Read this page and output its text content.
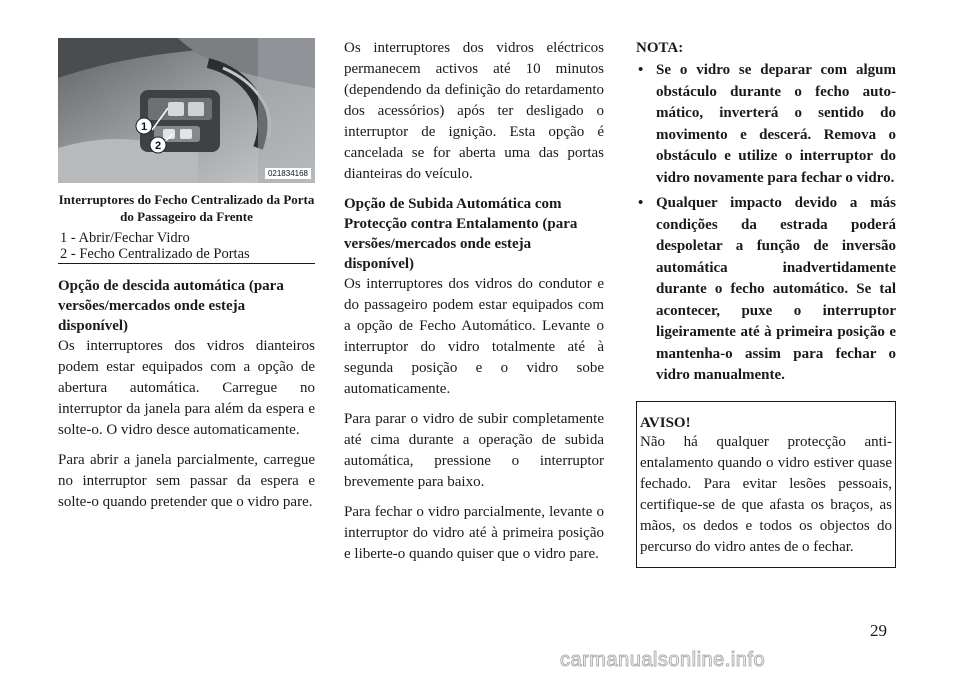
1
2
021834168
Interruptores do Fecho Centralizado da Porta do Passageiro da Frente
1 - Abrir/Fechar Vidro
2 - Fecho Centralizado de Portas
Opção de descida automática (para versões/mercados onde esteja disponível)

Os interruptores dos vidros dianteiros podem estar equipados com a opção de abertura automática. Carregue no interruptor da janela para além da espera e solte-o. O vidro desce automaticamente.

Para abrir a janela parcialmente, carregue no interruptor sem passar da espera e solte-o quando pretender que o vidro pare.

Os interruptores dos vidros eléctricos permanecem activos até 10 minutos (dependendo da definição do retardamento dos acessórios) após ter desligado o interruptor de ignição. Esta opção é cancelada se for aberta uma das portas dianteiras do veículo.

Opção de Subida Automática com Protecção contra Entalamento (para versões/mercados onde esteja disponível)

Os interruptores dos vidros do condutor e do passageiro podem estar equipados com a opção de Fecho Automático. Levante o interruptor do vidro totalmente até à segunda posição e o vidro sobe automaticamente.

Para parar o vidro de subir completamente até cima durante a operação de subida automática, pressione o interruptor brevemente para baixo.

Para fechar o vidro parcialmente, levante o interruptor do vidro até à primeira posição e liberte-o quando quiser que o vidro pare.

NOTA:
• Se o vidro se deparar com algum obstáculo durante o fecho automático, inverterá o sentido do movimento e descerá. Remova o obstáculo e utilize o interruptor do vidro novamente para fechar o vidro.
• Qualquer impacto devido a más condições da estrada poderá despoletar a função de inversão automática inadvertidamente durante o fecho automático. Se tal acontecer, puxe o interruptor ligeiramente até à primeira posição e mantenha-o assim para fechar o vidro manualmente.
AVISO!
Não há qualquer protecção anti-entalamento quando o vidro estiver quase fechado. Para evitar lesões pessoais, certifique-se de que afasta os braços, as mãos, os dedos e todos os objectos do percurso do vidro antes de o fechar.
29
carmanualsonline.info
